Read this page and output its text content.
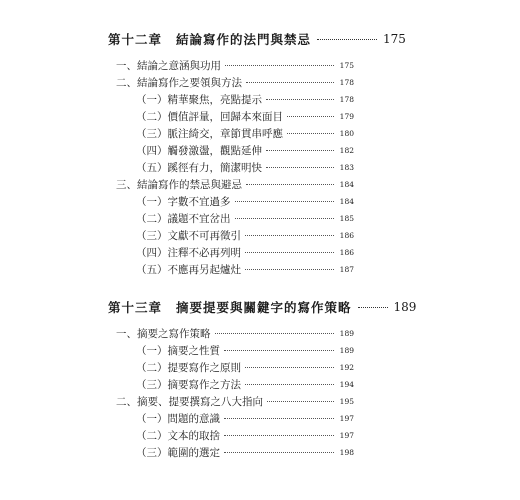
第十二章 結論寫作的法門與禁忌	175
一、結論之意涵與功用	175
二、結論寫作之要領與方法	178
（一）精華聚焦，亮點提示	178
（二）價值評量，回歸本來面目	179
（三）脈注綺交，章節貫串呼應	180
（四）觸發激盪，觀點延伸	182
（五）蹊徑有力，簡潔明快	183
三、結論寫作的禁忌與避忌	184
（一）字數不宜過多	184
（二）議題不宜岔出	185
（三）文獻不可再徵引	186
（四）注釋不必再列明	186
（五）不應再另起爐灶	187
第十三章 摘要提要與關鍵字的寫作策略	189
一、摘要之寫作策略	189
（一）摘要之性質	189
（二）提要寫作之原則	192
（三）摘要寫作之方法	194
二、摘要、提要撰寫之八大指向	195
（一）問題的意識	197
（二）文本的取捨	197
（三）範圍的選定	198
